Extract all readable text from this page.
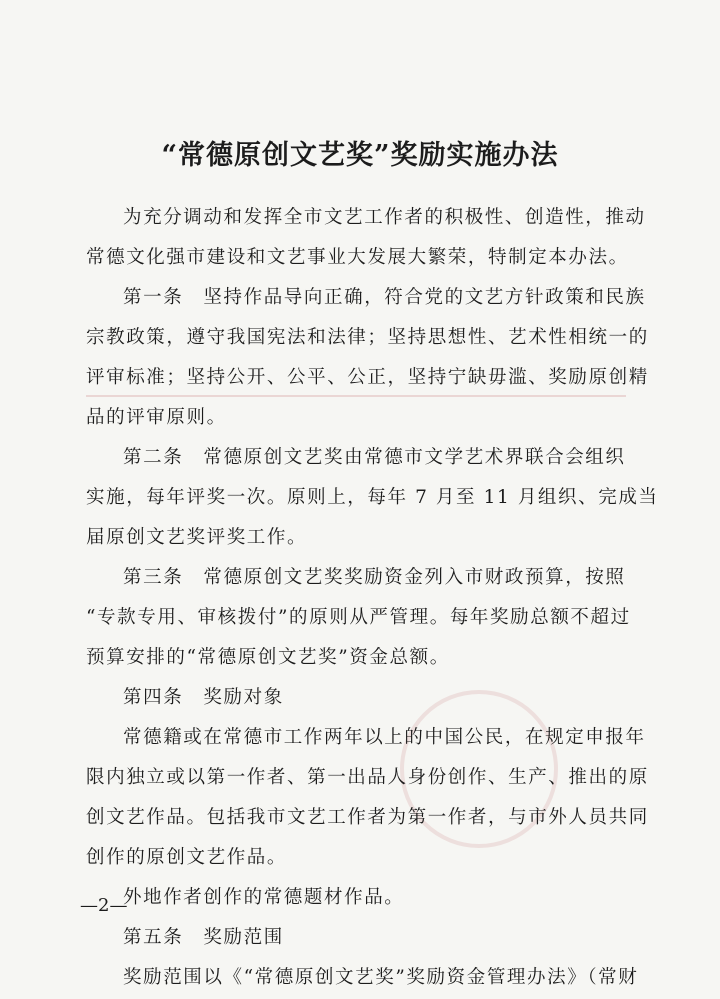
“常德原创文艺奖”奖励实施办法
为充分调动和发挥全市文艺工作者的积极性、创造性，推动
常德文化强市建设和文艺事业大发展大繁荣，特制定本办法。
第一条　坚持作品导向正确，符合党的文艺方针政策和民族
宗教政策，遵守我国宪法和法律；坚持思想性、艺术性相统一的
评审标准；坚持公开、公平、公正，坚持宁缺毋滥、奖励原创精
品的评审原则。
第二条　常德原创文艺奖由常德市文学艺术界联合会组织
实施，每年评奖一次。原则上，每年 7 月至 11 月组织、完成当
届原创文艺奖评奖工作。
第三条　常德原创文艺奖奖励资金列入市财政预算，按照
“专款专用、审核拨付”的原则从严管理。每年奖励总额不超过
预算安排的“常德原创文艺奖”资金总额。
第四条　奖励对象
常德籍或在常德市工作两年以上的中国公民，在规定申报年
限内独立或以第一作者、第一出品人身份创作、生产、推出的原
创文艺作品。包括我市文艺工作者为第一作者，与市外人员共同
创作的原创文艺作品。
外地作者创作的常德题材作品。
第五条　奖励范围
奖励范围以《“常德原创文艺奖”奖励资金管理办法》（常财
—2—
